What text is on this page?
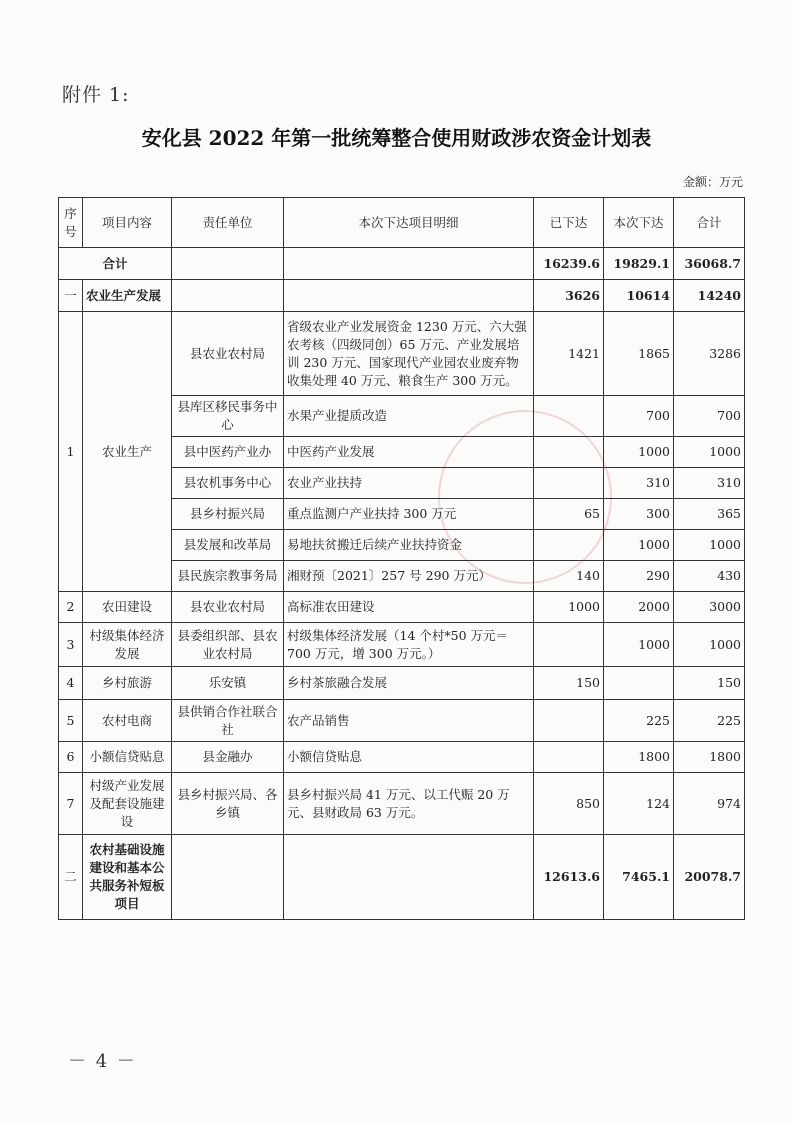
附件 1:
安化县 2022 年第一批统筹整合使用财政涉农资金计划表
金额：万元
序号	项目内容	责任单位	本次下达项目明细	已下达	本次下达	合计
合计				16239.6	19829.1	36068.7
一	农业生产发展			3626	10614	14240
1	农业生产	县农业农村局	省级农业产业发展资金 1230 万元、六大强农考核（四级同创）65 万元、产业发展培训 230 万元、国家现代产业园农业废弃物收集处理 40 万元、粮食生产 300 万元。	1421	1865	3286
		县库区移民事务中心	水果产业提质改造		700	700
		县中医药产业办	中医药产业发展		1000	1000
		县农机事务中心	农业产业扶持		310	310
		县乡村振兴局	重点监测户产业扶持 300 万元	65	300	365
		县发展和改革局	易地扶贫搬迁后续产业扶持资金		1000	1000
		县民族宗教事务局	湘财预〔2021〕257 号 290 万元）	140	290	430
2	农田建设	县农业农村局	高标准农田建设	1000	2000	3000
3	村级集体经济发展	县委组织部、县农业农村局	村级集体经济发展（14 个村*50 万元＝700 万元，增 300 万元。）		1000	1000
4	乡村旅游	乐安镇	乡村茶旅融合发展	150		150
5	农村电商	县供销合作社联合社	农产品销售		225	225
6	小额信贷贴息	县金融办	小额信贷贴息		1800	1800
7	村级产业发展及配套设施建设	县乡村振兴局、各乡镇	县乡村振兴局 41 万元、以工代赈 20 万元、县财政局 63 万元。	850	124	974
二	农村基础设施建设和基本公共服务补短板项目			12613.6	7465.1	20078.7
－ 4 －
